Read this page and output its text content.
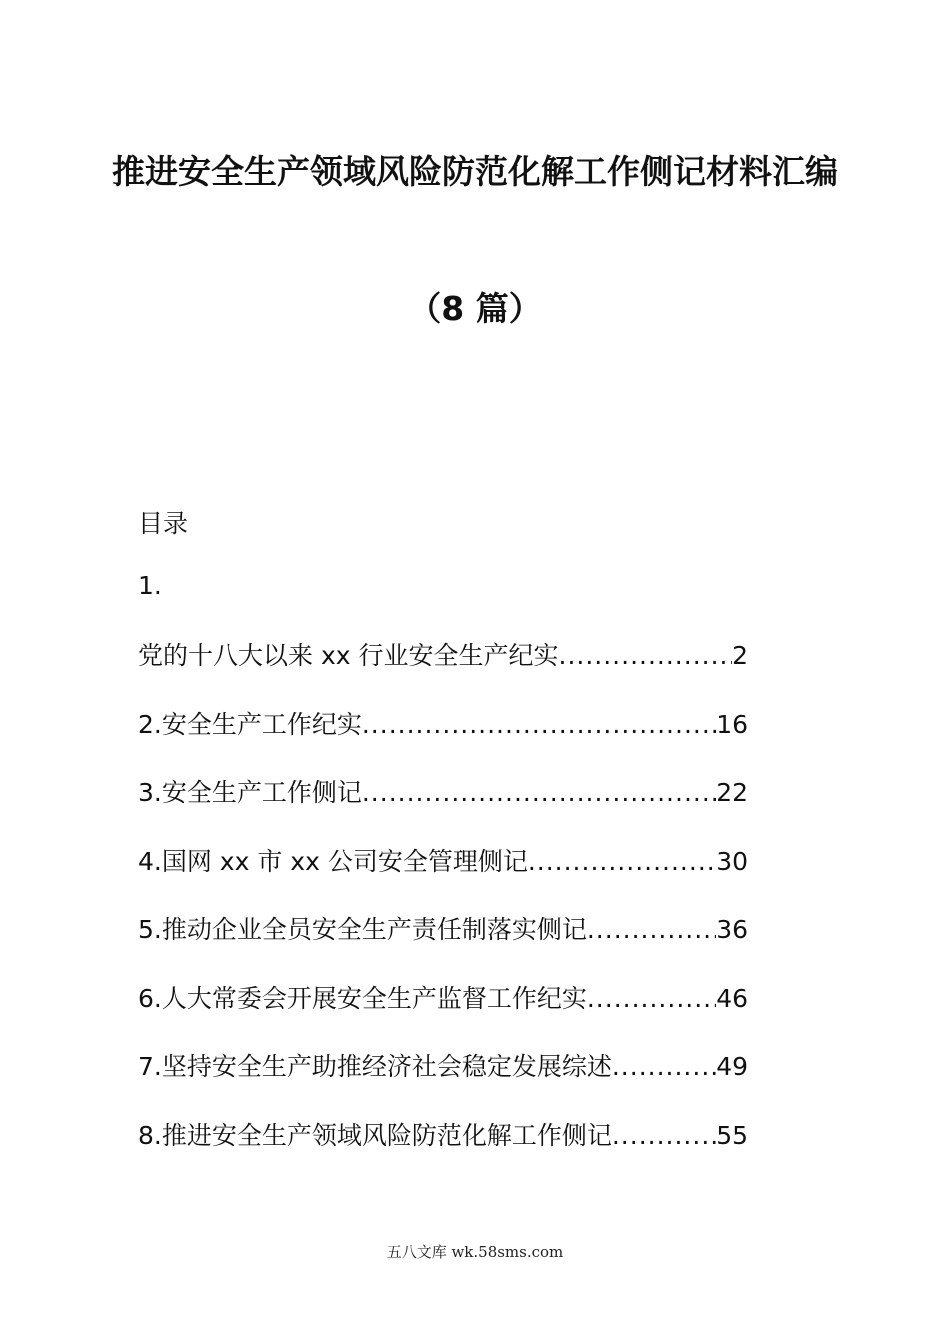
推进安全生产领域风险防范化解工作侧记材料汇编
（8 篇）
目录
1.
党的十八大以来 xx 行业安全生产纪实 .....	2
2.安全生产工作纪实 .....	16
3.安全生产工作侧记 .....	22
4.国网 xx 市 xx 公司安全管理侧记 .....	30
5.推动企业全员安全生产责任制落实侧记 .....	36
6.人大常委会开展安全生产监督工作纪实 .....	46
7.坚持安全生产助推经济社会稳定发展综述 .....	49
8.推进安全生产领域风险防范化解工作侧记 .....	55
五八文库 wk.58sms.com
